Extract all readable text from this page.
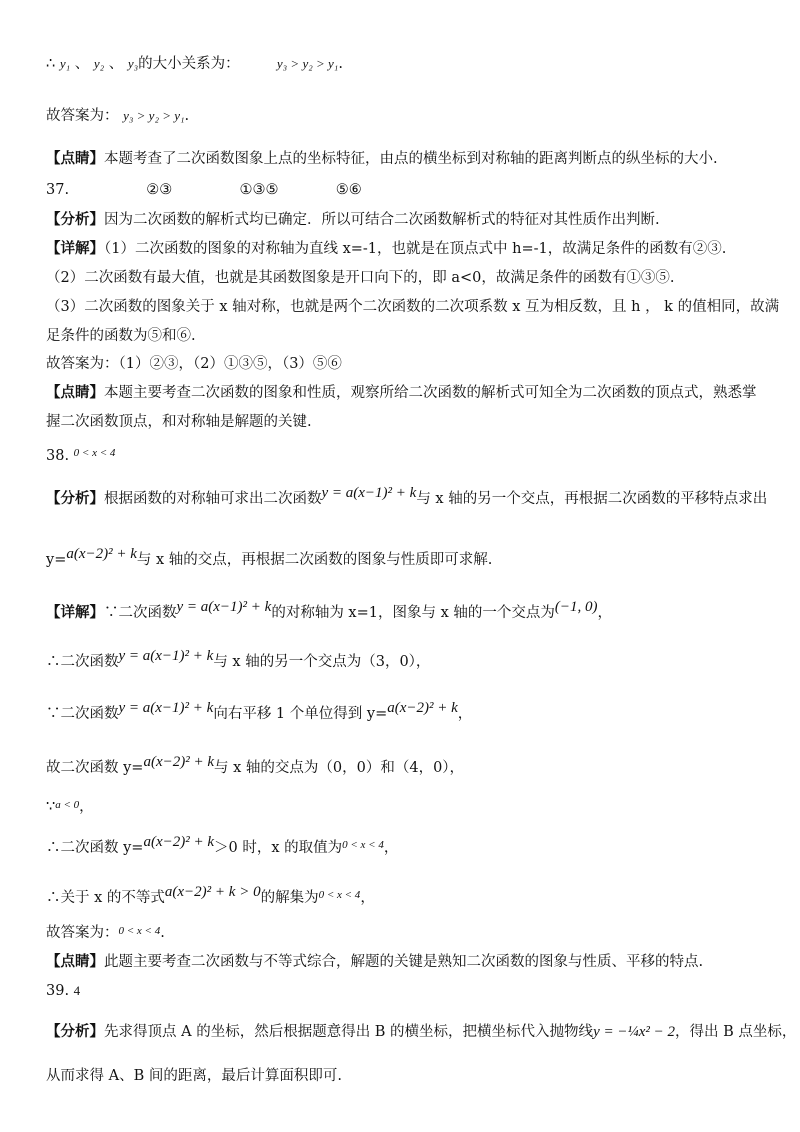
∴ y₁ 、 y₂ 、 y₃的大小关系为：	y₃ > y₂ > y₁.
故答案为： y₃ > y₂ > y₁.
【点睛】本题考查了二次函数图象上点的坐标特征，由点的横坐标到对称轴的距离判断点的纵坐标的大小.
37.	②③	①③⑤	⑤⑥
【分析】因为二次函数的解析式均已确定．所以可结合二次函数解析式的特征对其性质作出判断.
【详解】（1）二次函数的图象的对称轴为直线 x=-1，也就是在顶点式中 h=-1，故满足条件的函数有②③.
（2）二次函数有最大值，也就是其函数图象是开口向下的，即 a<0，故满足条件的函数有①③⑤.
（3）二次函数的图象关于 x 轴对称，也就是两个二次函数的二次项系数 x 互为相反数，且 h ， k 的值相同，故满
足条件的函数为⑤和⑥.
故答案为：（1）②③，（2）①③⑤，（3）⑤⑥
【点睛】本题主要考查二次函数的图象和性质，观察所给二次函数的解析式可知全为二次函数的顶点式，熟悉掌
握二次函数顶点，和对称轴是解题的关键.
38. $^{0 < x < 4}$
【分析】根据函数的对称轴可求出二次函数y = a(x−1)² + k与 x 轴的另一个交点，再根据二次函数的平移特点求出
y=a(x−2)² + k与 x 轴的交点，再根据二次函数的图象与性质即可求解.
【详解】∵二次函数y = a(x−1)² + k的对称轴为 x=1，图象与 x 轴的一个交点为(−1, 0)，
∴二次函数y = a(x−1)² + k与 x 轴的另一个交点为（3，0），
∵二次函数y = a(x−1)² + k向右平移 1 个单位得到 y=a(x−2)² + k，
故二次函数 y=a(x−2)² + k与 x 轴的交点为（0，0）和（4，0），
∵$^{a < 0}$，
∴二次函数 y=a(x−2)² + k＞0 时，x 的取值为$^{0 < x < 4}$，
∴关于 x 的不等式a(x−2)² + k > 0的解集为$^{0 < x < 4}$，
故答案为：$^{0 < x < 4}$.
【点睛】此题主要考查二次函数与不等式综合，解题的关键是熟知二次函数的图象与性质、平移的特点.
39. 4
【分析】先求得顶点 A 的坐标，然后根据题意得出 B 的横坐标，把横坐标代入抛物线y = −¼x² − 2，得出 B 点坐标，
从而求得 A、B 间的距离，最后计算面积即可.
